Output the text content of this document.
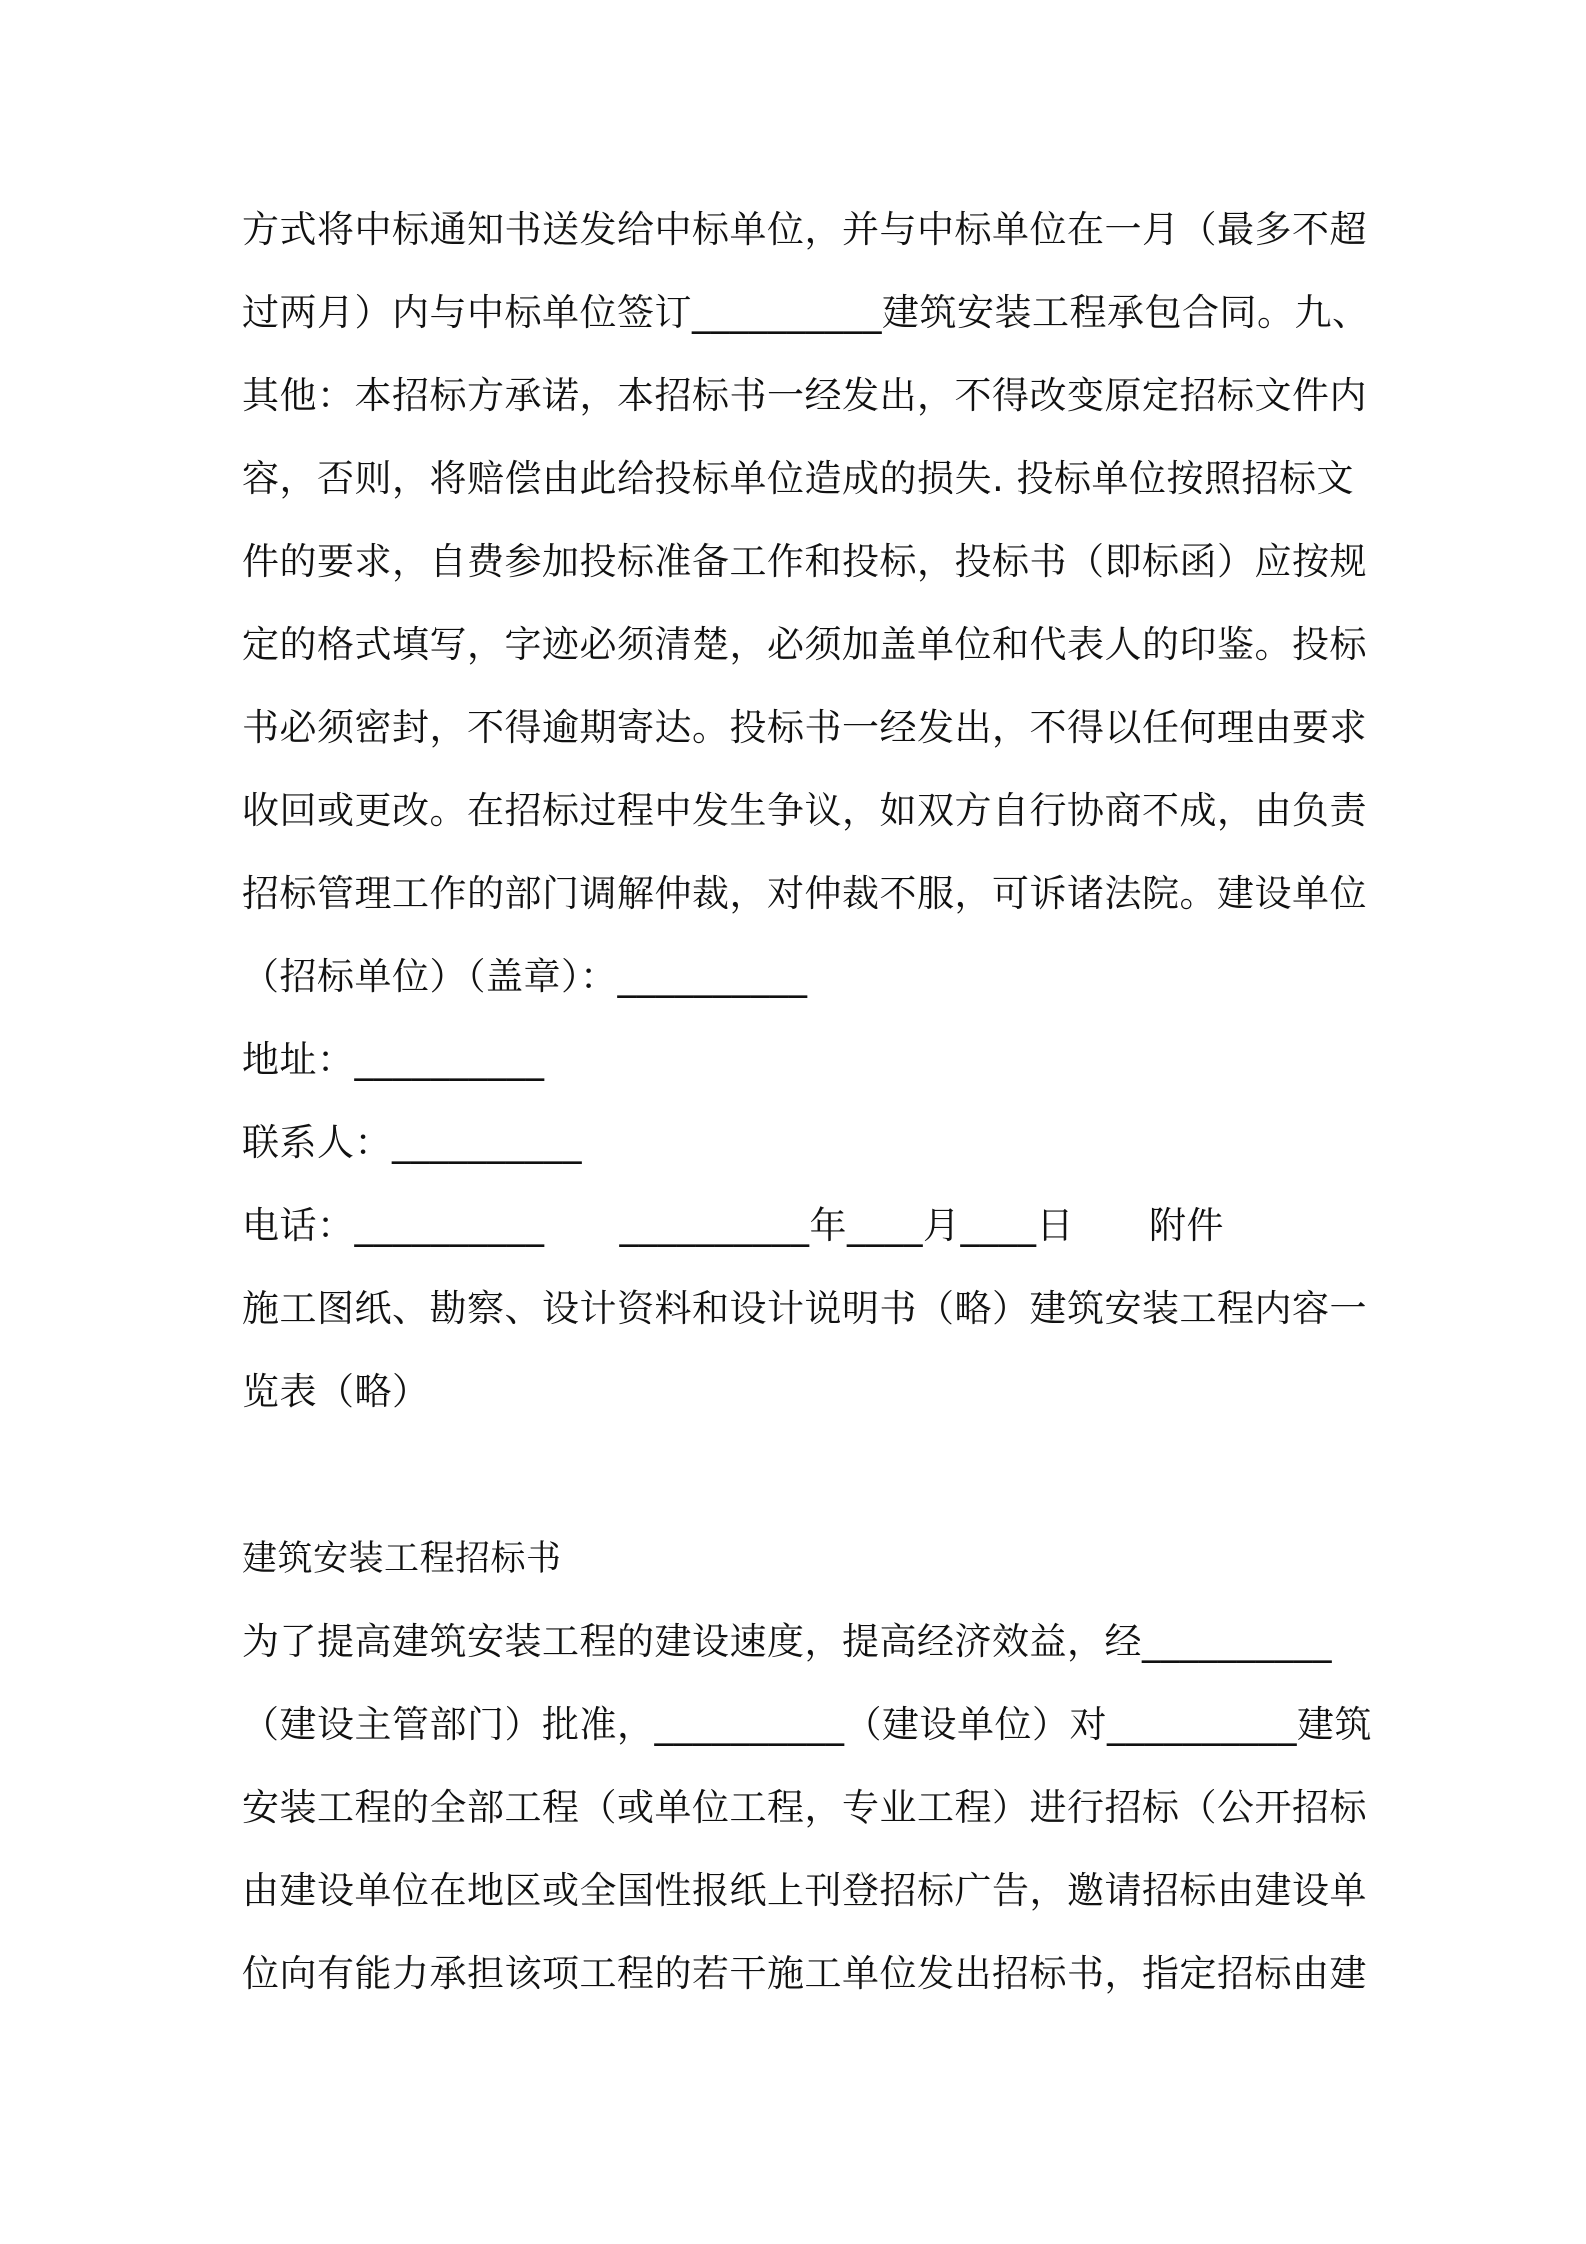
方式将中标通知书送发给中标单位，并与中标单位在一月（最多不超
过两月）内与中标单位签订__________建筑安装工程承包合同。九、
其他：本招标方承诺，本招标书一经发出，不得改变原定招标文件内
容，否则，将赔偿由此给投标单位造成的损失. 投标单位按照招标文
件的要求，自费参加投标准备工作和投标，投标书（即标函）应按规
定的格式填写，字迹必须清楚，必须加盖单位和代表人的印鉴。投标
书必须密封，不得逾期寄达。投标书一经发出，不得以任何理由要求
收回或更改。在招标过程中发生争议，如双方自行协商不成，由负责
招标管理工作的部门调解仲裁，对仲裁不服，可诉诸法院。建设单位
（招标单位）（盖章）：__________
地址：__________
联系人：__________
电话：__________　　__________年____月____日　　附件
施工图纸、勘察、设计资料和设计说明书（略）建筑安装工程内容一
览表（略）
建筑安装工程招标书
为了提高建筑安装工程的建设速度，提高经济效益，经__________
（建设主管部门）批准，__________（建设单位）对__________建筑
安装工程的全部工程（或单位工程，专业工程）进行招标（公开招标
由建设单位在地区或全国性报纸上刊登招标广告，邀请招标由建设单
位向有能力承担该项工程的若干施工单位发出招标书，指定招标由建
